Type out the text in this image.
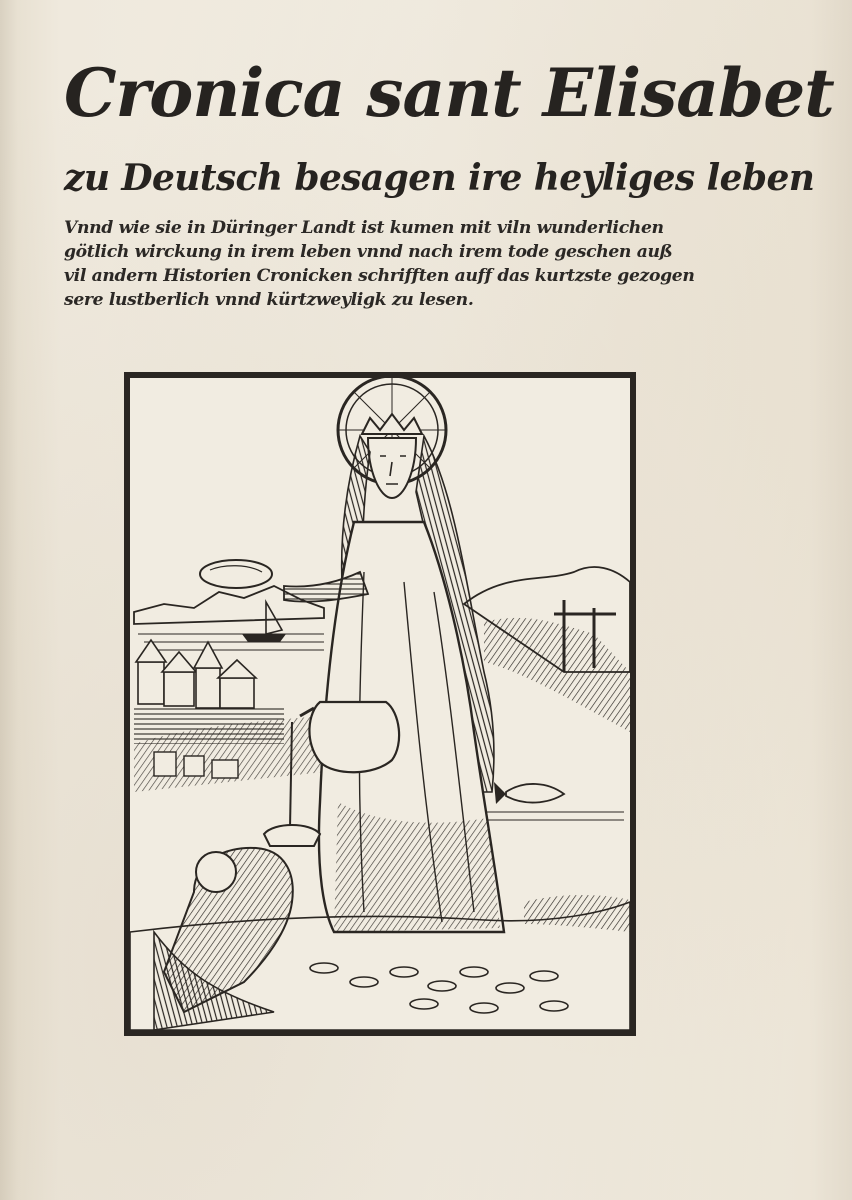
Cronica sant Elisabet
zu Deutsch besagen ire heyliges leben

Vnnd wie sie in Düringer Landt ist kumen mit viln wunderlichen
götlich wirckung in irem leben vnnd nach irem tode geschen auß
vil andern Historien Cronicken schrifften auff das kurtzste gezogen
sere lustberlich vnnd kürtzweyligk zu lesen.
